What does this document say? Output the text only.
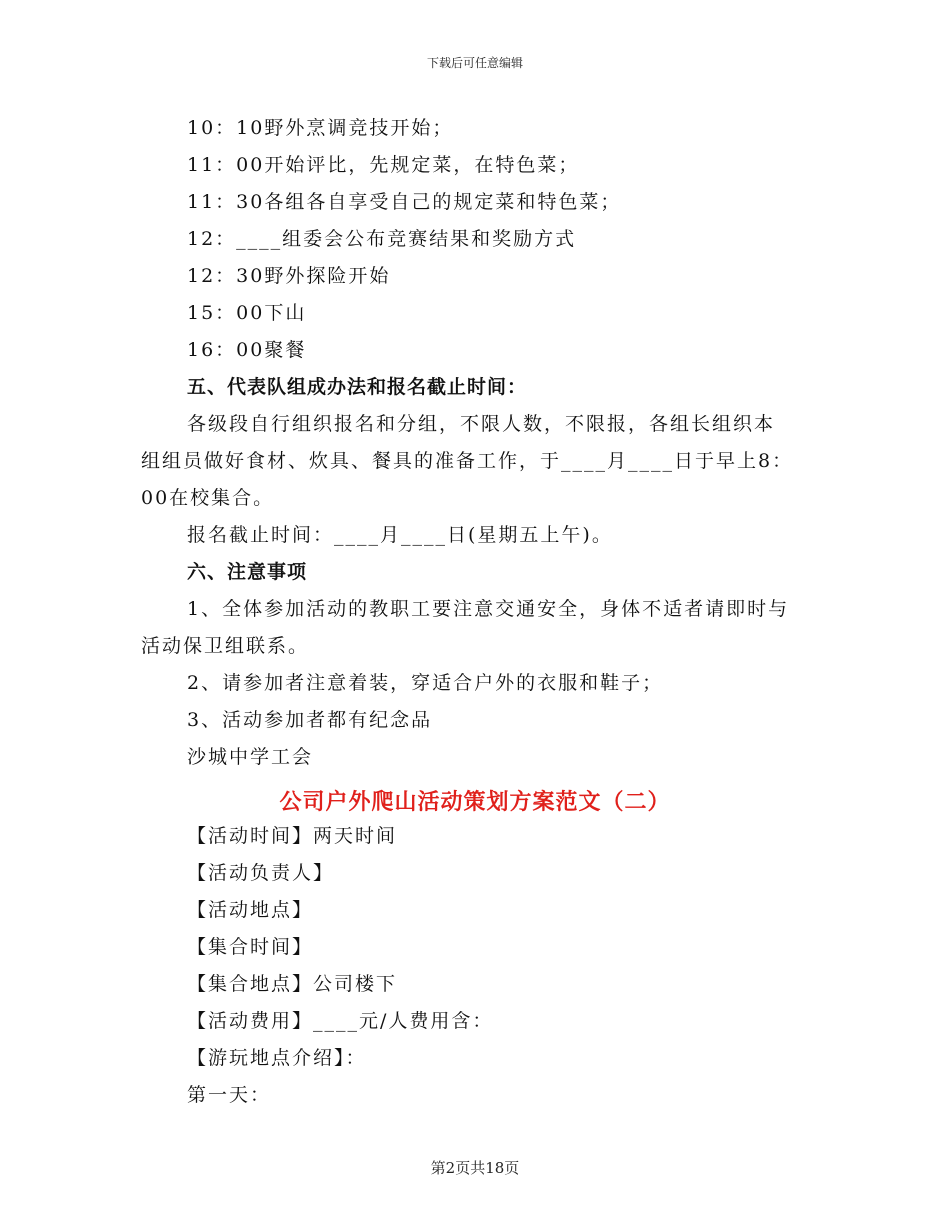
下载后可任意编辑
10：10野外烹调竞技开始；
11：00开始评比，先规定菜，在特色菜；
11：30各组各自享受自己的规定菜和特色菜；
12：____组委会公布竞赛结果和奖励方式
12：30野外探险开始
15：00下山
16：00聚餐
五、代表队组成办法和报名截止时间：
各级段自行组织报名和分组，不限人数，不限报，各组长组织本
组组员做好食材、炊具、餐具的准备工作，于____月____日于早上8：
00在校集合。
报名截止时间：____月____日(星期五上午)。
六、注意事项
1、全体参加活动的教职工要注意交通安全，身体不适者请即时与
活动保卫组联系。
2、请参加者注意着装，穿适合户外的衣服和鞋子；
3、活动参加者都有纪念品
沙城中学工会
公司户外爬山活动策划方案范文（二）
【活动时间】两天时间
【活动负责人】
【活动地点】
【集合时间】
【集合地点】公司楼下
【活动费用】____元/人费用含：
【游玩地点介绍】：
第一天：
第2页共18页
